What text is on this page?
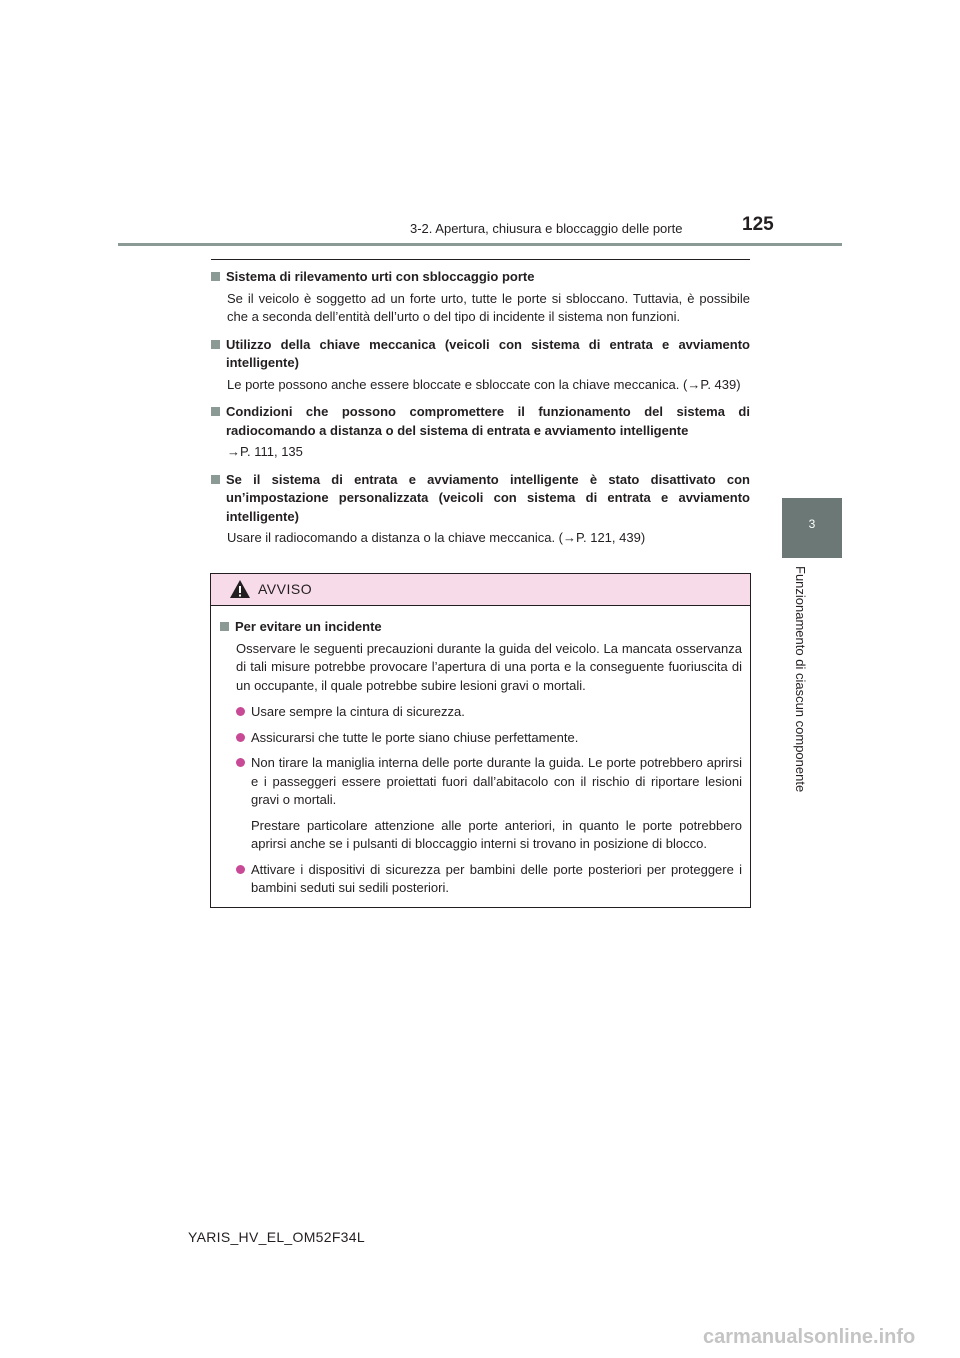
3-2. Apertura, chiusura e bloccaggio delle porte	125
3
Funzionamento di ciascun componente
Sistema di rilevamento urti con sbloccaggio porte
Se il veicolo è soggetto ad un forte urto, tutte le porte si sbloccano. Tuttavia, è possibile che a seconda dell’entità dell’urto o del tipo di incidente il sistema non funzioni.
Utilizzo della chiave meccanica (veicoli con sistema di entrata e avviamento intelligente)
Le porte possono anche essere bloccate e sbloccate con la chiave meccanica. (→P. 439)
Condizioni che possono compromettere il funzionamento del sistema di radiocomando a distanza o del sistema di entrata e avviamento intelligente
→P. 111, 135
Se il sistema di entrata e avviamento intelligente è stato disattivato con un’impostazione personalizzata (veicoli con sistema di entrata e avviamento intelligente)
Usare il radiocomando a distanza o la chiave meccanica. (→P. 121, 439)
AVVISO
Per evitare un incidente
Osservare le seguenti precauzioni durante la guida del veicolo. La mancata osservanza di tali misure potrebbe provocare l’apertura di una porta e la conseguente fuoriuscita di un occupante, il quale potrebbe subire lesioni gravi o mortali.
Usare sempre la cintura di sicurezza.
Assicurarsi che tutte le porte siano chiuse perfettamente.
Non tirare la maniglia interna delle porte durante la guida. Le porte potrebbero aprirsi e i passeggeri essere proiettati fuori dall’abitacolo con il rischio di riportare lesioni gravi o mortali.
Prestare particolare attenzione alle porte anteriori, in quanto le porte potrebbero aprirsi anche se i pulsanti di bloccaggio interni si trovano in posizione di blocco.
Attivare i dispositivi di sicurezza per bambini delle porte posteriori per proteggere i bambini seduti sui sedili posteriori.
YARIS_HV_EL_OM52F34L
carmanualsonline.info
